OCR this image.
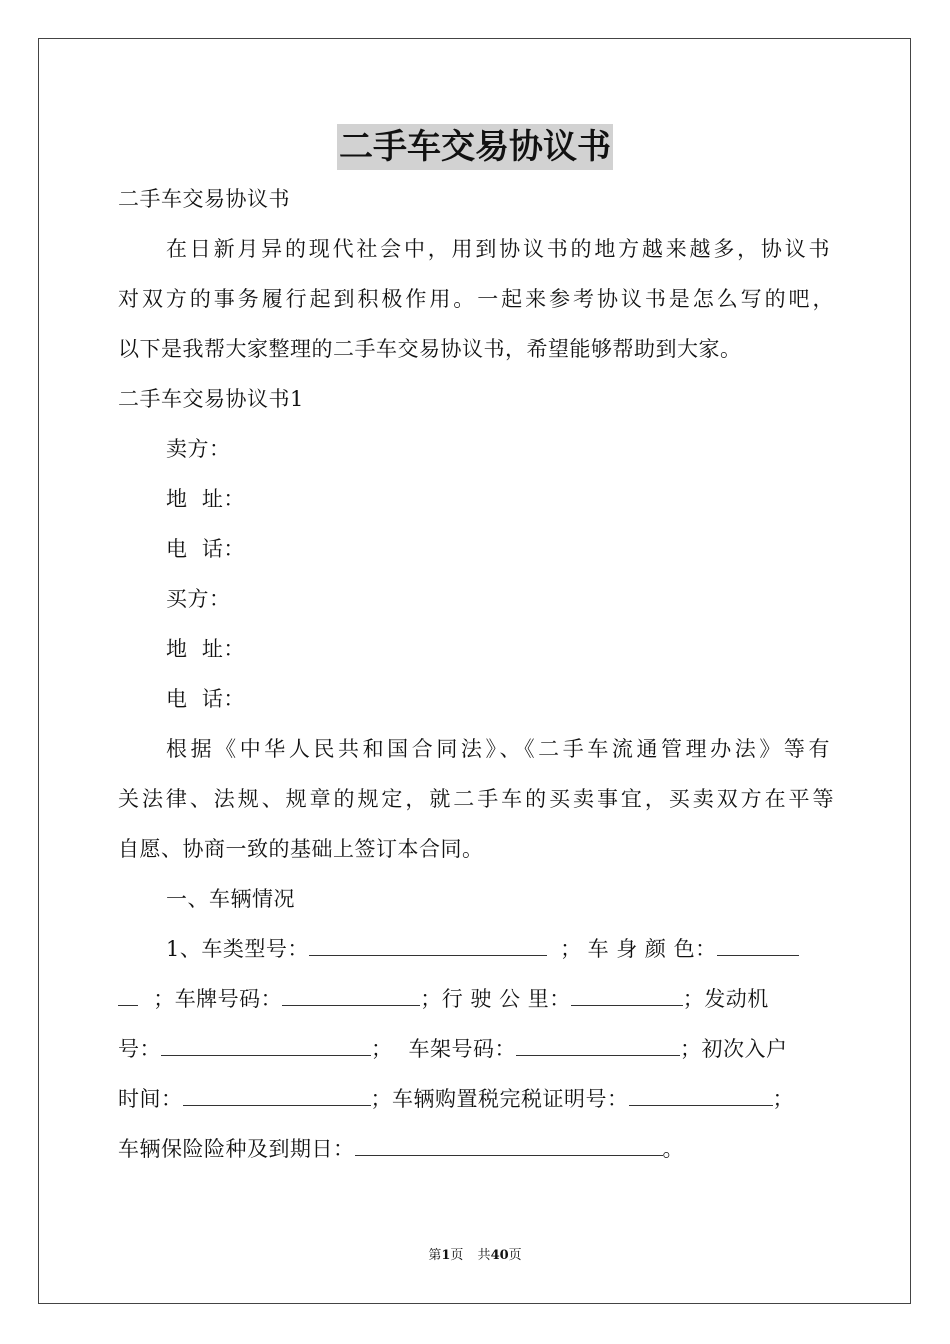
二手车交易协议书
二手车交易协议书
在日新月异的现代社会中，用到协议书的地方越来越多，协议书
对双方的事务履行起到积极作用。一起来参考协议书是怎么写的吧，
以下是我帮大家整理的二手车交易协议书，希望能够帮助到大家。
二手车交易协议书1
卖方：
地  址：
电  话：
买方：
地  址：
电  话：
根据《中华人民共和国合同法》、《二手车流通管理办法》等有
关法律、法规、规章的规定，就二手车的买卖事宜，买卖双方在平等
自愿、协商一致的基础上签订本合同。
一、车辆情况
1、车类型号：	； 车 身 颜 色：
；车牌号码：	；行 驶 公 里：	；发动机
号：	； 车架号码：	；初次入户
时间：	；车辆购置税完税证明号：	；
车辆保险险种及到期日：	。
第1页 共40页
